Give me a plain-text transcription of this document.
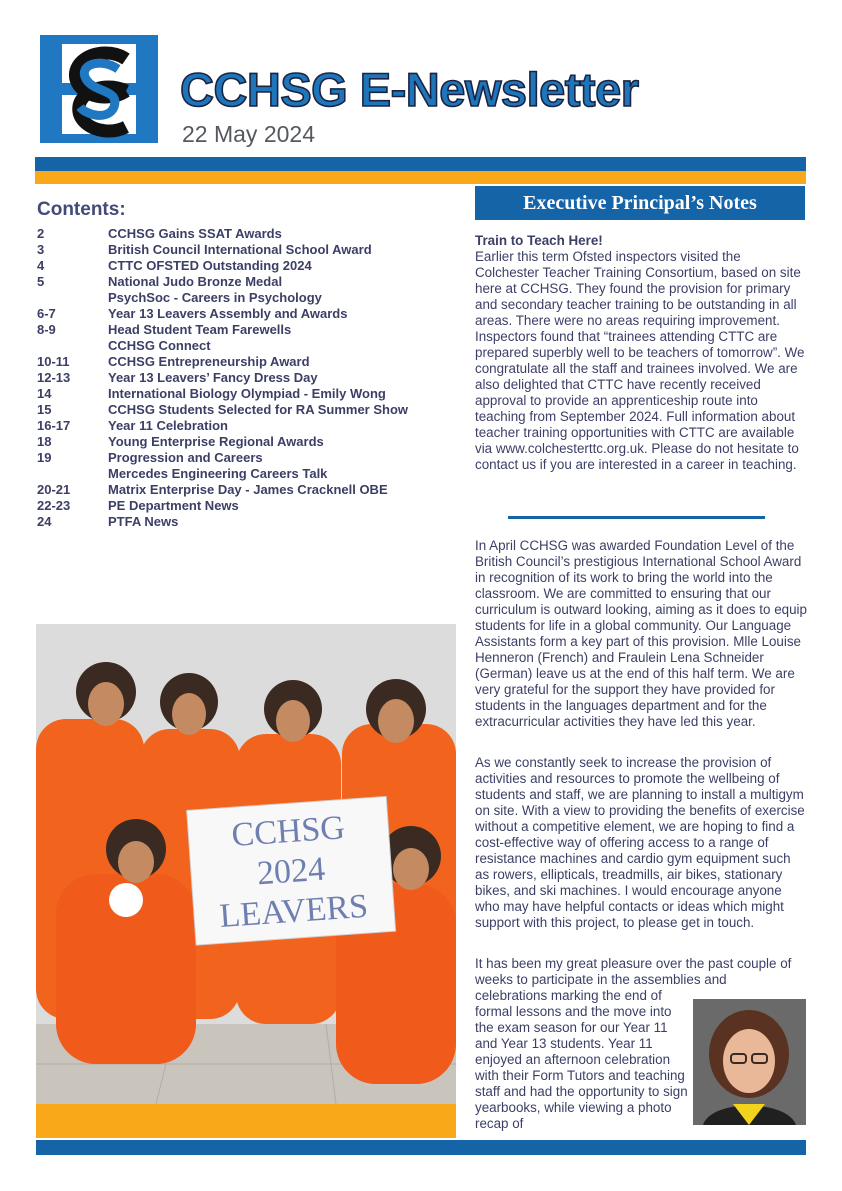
CCHSG E-Newsletter
22 May 2024
Contents:
2	CCHSG Gains SSAT Awards
3	British Council International School Award
4	CTTC OFSTED Outstanding 2024
5	National Judo Bronze Medal
PsychSoc - Careers in Psychology
6-7	Year 13 Leavers Assembly and Awards
8-9	Head Student Team Farewells
CCHSG Connect
10-11	CCHSG Entrepreneurship Award
12-13	Year 13 Leavers’ Fancy Dress Day
14	International Biology Olympiad - Emily Wong
15	CCHSG Students Selected for RA Summer Show
16-17	Year 11 Celebration
18	Young Enterprise Regional Awards
19	Progression and Careers
Mercedes Engineering Careers Talk
20-21	Matrix Enterprise Day - James Cracknell OBE
22-23	PE Department News
24	PTFA News
CCHSG
2024
LEAVERS
Executive Principal’s Notes
Train to Teach Here!
Earlier this term Ofsted inspectors visited the Colchester Teacher Training Consortium, based on site here at CCHSG. They found the provision for primary and secondary teacher training to be outstanding in all areas. There were no areas requiring improvement. Inspectors found that “trainees attending CTTC are prepared superbly well to be teachers of tomorrow”. We congratulate all the staff and trainees involved. We are also delighted that CTTC have recently received approval to provide an apprenticeship route into teaching from September 2024. Full information about teacher training opportunities with CTTC are available via www.colchesterttc.org.uk. Please do not hesitate to contact us if you are interested in a career in teaching.
In April CCHSG was awarded Foundation Level of the British Council’s prestigious International School Award in recognition of its work to bring the world into the classroom. We are committed to ensuring that our curriculum is outward looking, aiming as it does to equip students for life in a global community. Our Language Assistants form a key part of this provision. Mlle Louise Henneron (French) and Fraulein Lena Schneider (German) leave us at the end of this half term. We are very grateful for the support they have provided for students in the languages department and for the extracurricular activities they have led this year.
As we constantly seek to increase the provision of activities and resources to promote the wellbeing of students and staff, we are planning to install a multigym on site. With a view to providing the benefits of exercise without a competitive element, we are hoping to find a cost-effective way of offering access to a range of resistance machines and cardio gym equipment such as rowers, ellipticals, treadmills, air bikes, stationary bikes, and ski machines. I would encourage anyone who may have helpful contacts or ideas which might support with this project, to please get in touch.
It has been my great pleasure over the past couple of weeks to participate in the assemblies and
celebrations marking the end of formal lessons and the move into the exam season for our Year 11 and Year 13 students. Year 11 enjoyed an afternoon celebration with their Form Tutors and teaching staff and had the opportunity to sign yearbooks, while viewing a photo recap of
